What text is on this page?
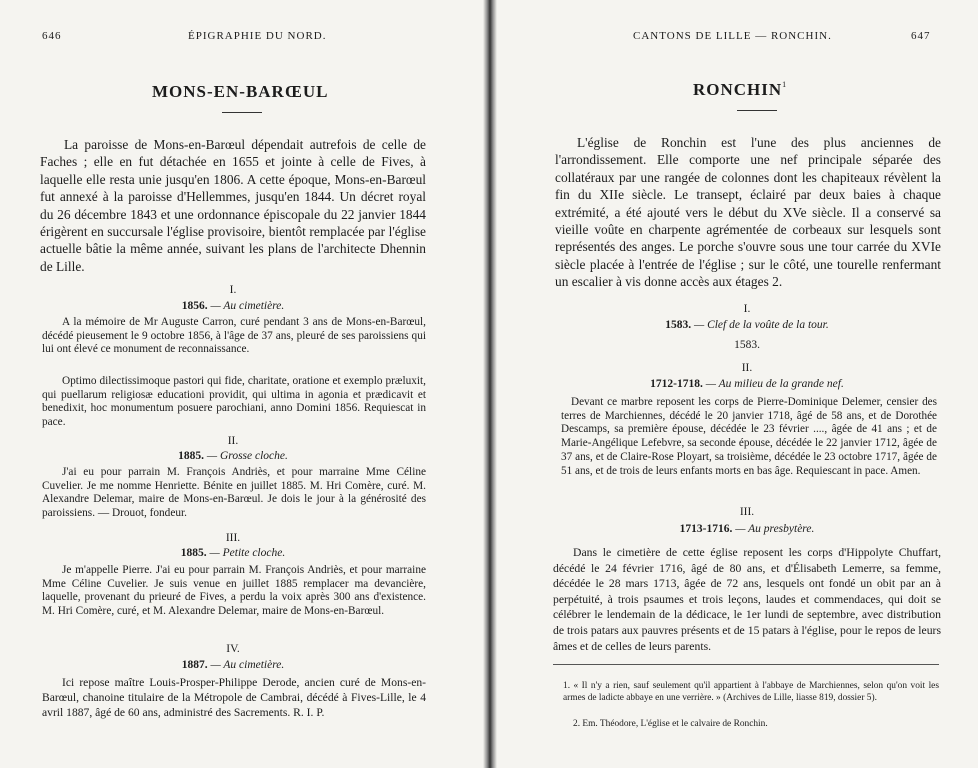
646	ÉPIGRAPHIE DU NORD.
MONS-EN-BARŒUL
La paroisse de Mons-en-Barœul dépendait autrefois de celle de Faches ; elle en fut détachée en 1655 et jointe à celle de Fives, à laquelle elle resta unie jusqu'en 1806. A cette époque, Mons-en-Barœul fut annexé à la paroisse d'Hellemmes, jusqu'en 1844. Un décret royal du 26 décembre 1843 et une ordonnance épiscopale du 22 janvier 1844 érigèrent en succursale l'église provisoire, bientôt remplacée par l'église actuelle bâtie la même année, suivant les plans de l'architecte Dhennin de Lille.
I.
1856. — Au cimetière.
A la mémoire de Mr Auguste Carron, curé pendant 3 ans de Mons-en-Barœul, décédé pieusement le 9 octobre 1856, à l'âge de 37 ans, pleuré de ses paroissiens qui lui ont élevé ce monument de reconnaissance.
Optimo dilectissimoque pastori qui fide, charitate, oratione et exemplo præluxit, qui puellarum religiosæ educationi providit, qui ultima in agonia et prædicavit et benedixit, hoc monumentum posuere parochiani, anno Domini 1856. Requiescat in pace.
II.
1885. — Grosse cloche.
J'ai eu pour parrain M. François Andriès, et pour marraine Mme Céline Cuvelier. Je me nomme Henriette. Bénite en juillet 1885. M. Hri Comère, curé. M. Alexandre Delemar, maire de Mons-en-Barœul. Je dois le jour à la générosité des paroissiens. — Drouot, fondeur.
III.
1885. — Petite cloche.
Je m'appelle Pierre. J'ai eu pour parrain M. François Andriès, et pour marraine Mme Céline Cuvelier. Je suis venue en juillet 1885 remplacer ma devancière, laquelle, provenant du prieuré de Fives, a perdu la voix après 300 ans d'existence. M. Hri Comère, curé, et M. Alexandre Delemar, maire de Mons-en-Barœul.
IV.
1887. — Au cimetière.
Ici repose maître Louis-Prosper-Philippe Derode, ancien curé de Mons-en-Barœul, chanoine titulaire de la Métropole de Cambrai, décédé à Fives-Lille, le 4 avril 1887, âgé de 60 ans, administré des Sacrements. R. I. P.
CANTONS DE LILLE — RONCHIN.	647
RONCHIN$^1$
L'église de Ronchin est l'une des plus anciennes de l'arrondissement. Elle comporte une nef principale séparée des collatéraux par une rangée de colonnes dont les chapiteaux révèlent la fin du XIIe siècle. Le transept, éclairé par deux baies à chaque extrémité, a été ajouté vers le début du XVe siècle. Il a conservé sa vieille voûte en charpente agrémentée de corbeaux sur lesquels sont représentés des anges. Le porche s'ouvre sous une tour carrée du XVIe siècle placée à l'entrée de l'église ; sur le côté, une tourelle renfermant un escalier à vis donne accès aux étages 2.
I.
1583. — Clef de la voûte de la tour.
1583.
II.
1712-1718. — Au milieu de la grande nef.
Devant ce marbre reposent les corps de Pierre-Dominique Delemer, censier des terres de Marchiennes, décédé le 20 janvier 1718, âgé de 58 ans, et de Dorothée Descamps, sa première épouse, décédée le 23 février ...., âgée de 41 ans ; et de Marie-Angélique Lefebvre, sa seconde épouse, décédée le 22 janvier 1712, âgée de 37 ans, et de Claire-Rose Ployart, sa troisième, décédée le 23 octobre 1717, âgée de 51 ans, et de trois de leurs enfants morts en bas âge. Requiescant in pace. Amen.
III.
1713-1716. — Au presbytère.
Dans le cimetière de cette église reposent les corps d'Hippolyte Chuffart, décédé le 24 février 1716, âgé de 80 ans, et d'Élisabeth Lemerre, sa femme, décédée le 28 mars 1713, âgée de 72 ans, lesquels ont fondé un obit par an à perpétuité, à trois psaumes et trois leçons, laudes et commendaces, qui doit se célébrer le lendemain de la dédicace, le 1er lundi de septembre, avec distribution de trois patars aux pauvres présents et de 15 patars à l'église, pour le repos de leurs âmes et de celles de leurs parents.
1. « Il n'y a rien, sauf seulement qu'il appartient à l'abbaye de Marchiennes, selon qu'on voit les armes de ladicte abbaye en une verrière. » (Archives de Lille, liasse 819, dossier 5).
2. Em. Théodore, L'église et le calvaire de Ronchin.
